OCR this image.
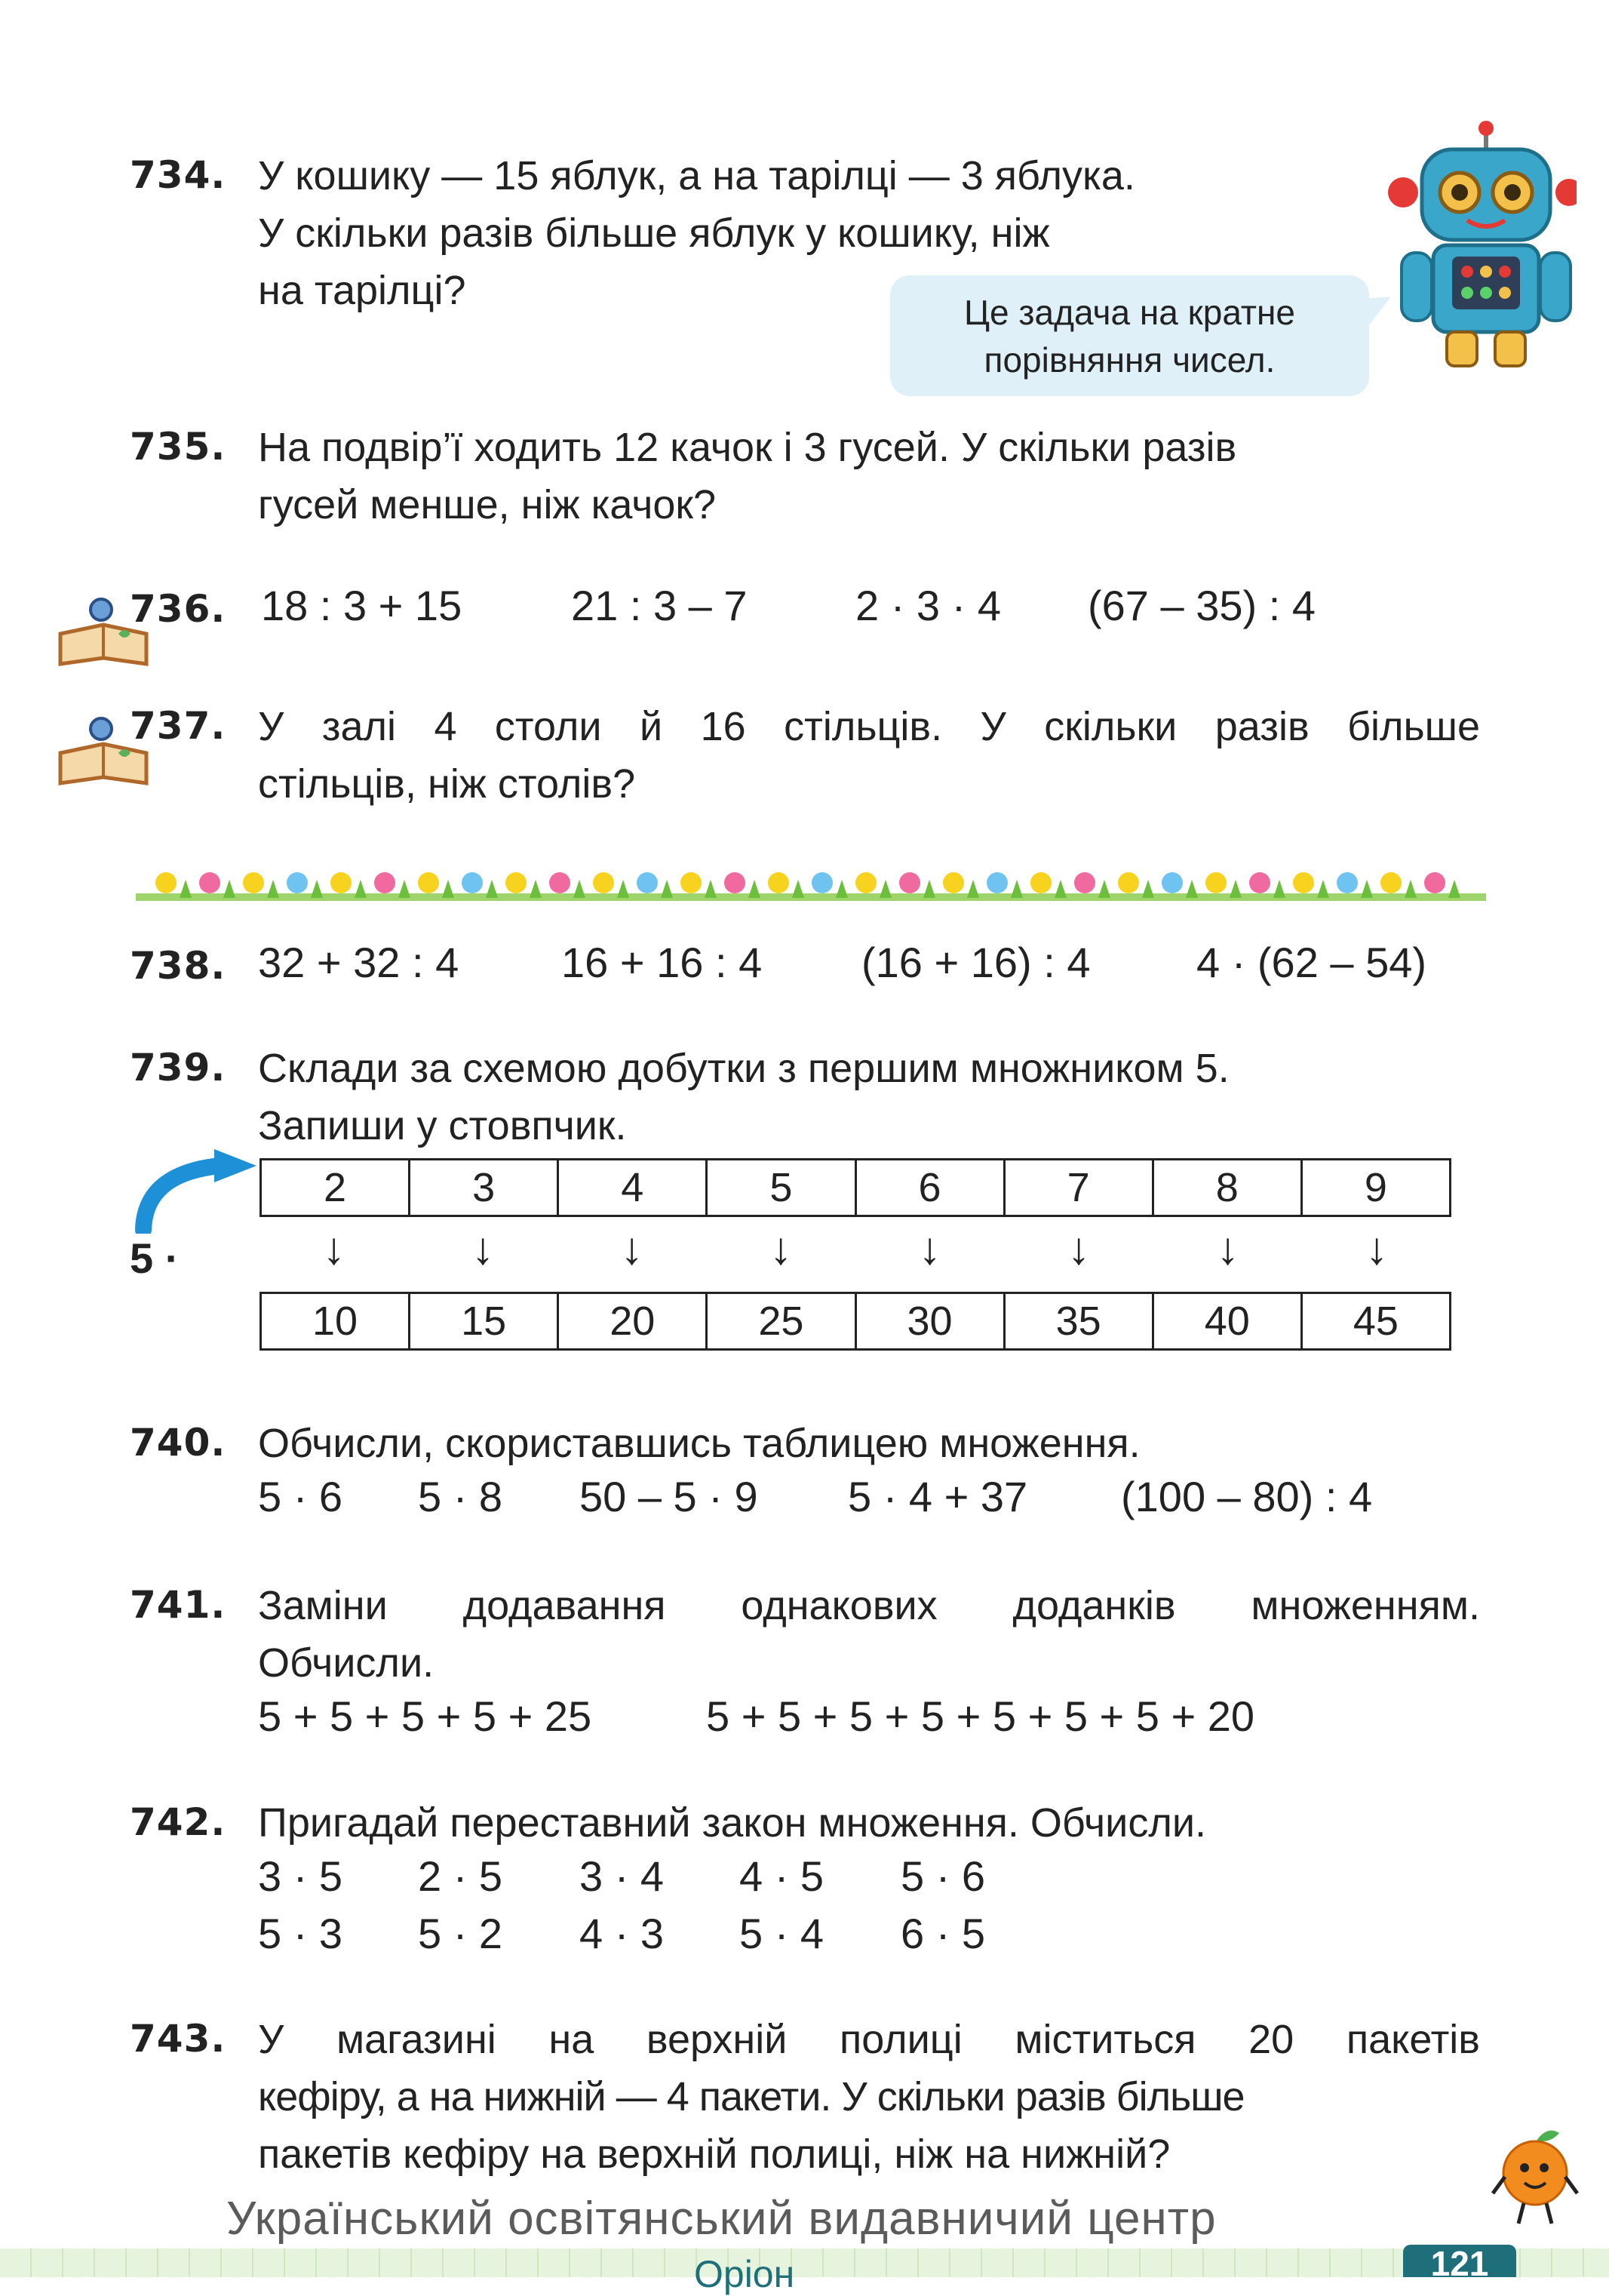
734. У кошику — 15 яблук, а на тарілці — 3 яблука.
У скільки разів більше яблук у кошику, ніж
на тарілці?	Це задача на кратне
порівняння чисел.
735. На подвір’ї ходить 12 качок і 3 гусей. У скільки разів
гусей менше, ніж качок?
736. 18 : 3 + 15	21 : 3 – 7	2 · 3 · 4 (67 – 35) : 4
737. У залі 4 столи й 16 стільців. У скільки разів більше
стільців, ніж столів?
738. 32 + 32 : 4 16 + 16 : 4 (16 + 16) : 4	4 · (62 – 54)
739. Склади за схемою добутки з першим множником 5.
Запиши у стовпчик.
2	3	4	5	6	7	8	9
5 ·	↓	↓	↓	↓	↓	↓	↓	↓
10	15	20	25	30	35	40	45
740. Обчисли, скориставшись таблицею множення.
5 · 6 5 · 8 50 – 5 · 9 5 · 4 + 37 (100 – 80) : 4
741. Заміни додавання однакових доданків множенням.
Обчисли.
5 + 5 + 5 + 5 + 25	5 + 5 + 5 + 5 + 5 + 5 + 5 + 20
742. Пригадай переставний закон множення. Обчисли.
3 · 5 2 · 5 3 · 4 4 · 5 5 · 6
5 · 3 5 · 2 4 · 3 5 · 4 6 · 5
743. У магазині на верхній полиці міститься 20 пакетів
кефіру, а на нижній — 4 пакети. У скільки разів більше
пакетів кефіру на верхній полиці, ніж на нижній?
Український освітянський видавничий центр
Оріон	121
